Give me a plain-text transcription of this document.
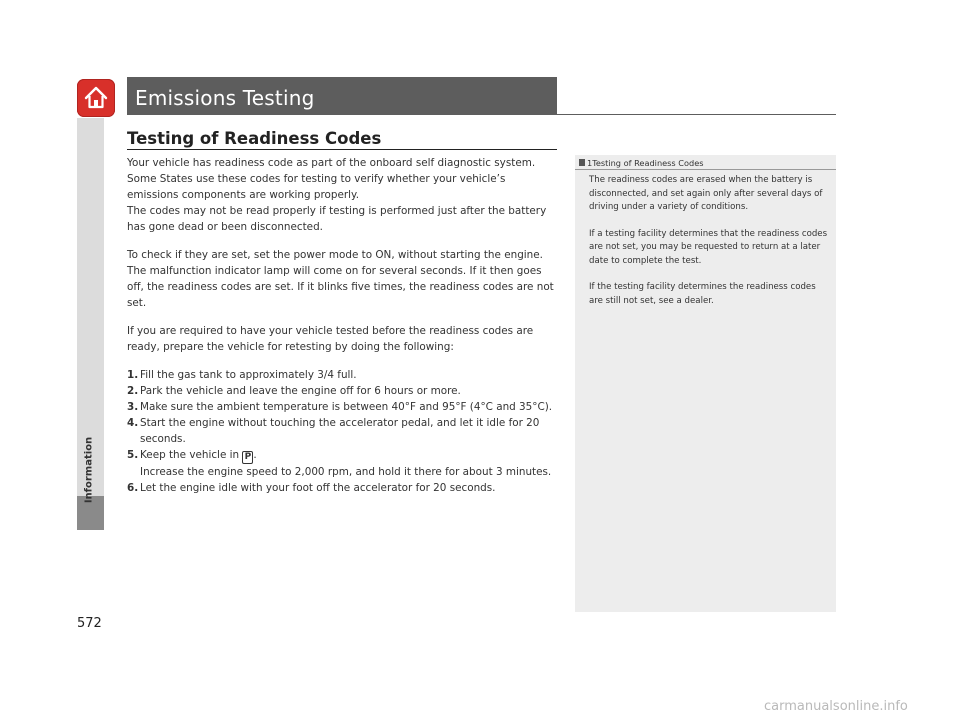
Emissions Testing
Information
572
Testing of Readiness Codes

Your vehicle has readiness code as part of the onboard self diagnostic system. Some States use these codes for testing to verify whether your vehicle’s emissions components are working properly.

The codes may not be read properly if testing is performed just after the battery has gone dead or been disconnected.

To check if they are set, set the power mode to ON, without starting the engine. The malfunction indicator lamp will come on for several seconds. If it then goes off, the readiness codes are set. If it blinks five times, the readiness codes are not set.

If you are required to have your vehicle tested before the readiness codes are ready, prepare the vehicle for retesting by doing the following:

1. Fill the gas tank to approximately 3/4 full.
2. Park the vehicle and leave the engine off for 6 hours or more.
3. Make sure the ambient temperature is between 40°F and 95°F (4°C and 35°C).
4. Start the engine without touching the accelerator pedal, and let it idle for 20 seconds.
5. Keep the vehicle in P .
Increase the engine speed to 2,000 rpm, and hold it there for about 3 minutes.
6. Let the engine idle with your foot off the accelerator for 20 seconds.
1Testing of Readiness Codes

The readiness codes are erased when the battery is disconnected, and set again only after several days of driving under a variety of conditions.

If a testing facility determines that the readiness codes are not set, you may be requested to return at a later date to complete the test.

If the testing facility determines the readiness codes are still not set, see a dealer.

carmanualsonline.info
